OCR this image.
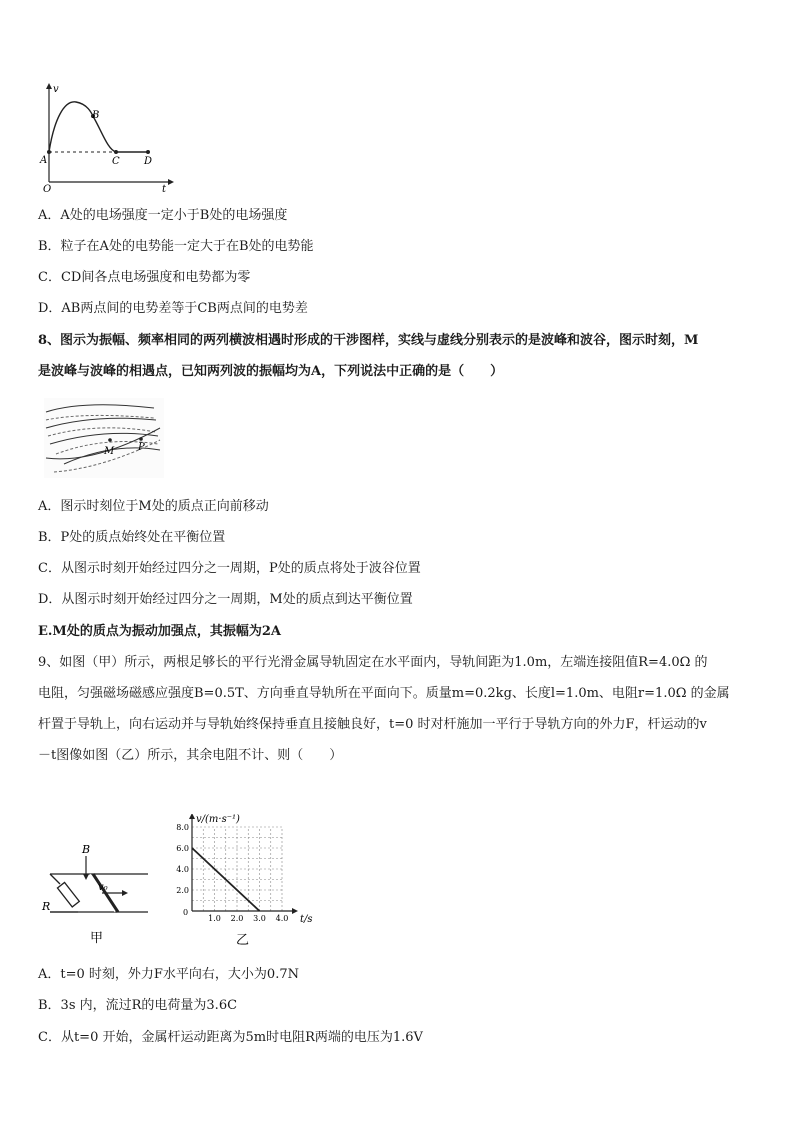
v
t
O
A
B
C D
A．A处的电场强度一定小于B处的电场强度
B．粒子在A处的电势能一定大于在B处的电势能
C．CD间各点电场强度和电势都为零
D．AB两点间的电势差等于CB两点间的电势差
8、图示为振幅、频率相同的两列横波相遇时形成的干涉图样，实线与虚线分别表示的是波峰和波谷，图示时刻，M
是波峰与波峰的相遇点，已知两列波的振幅均为A，下列说法中正确的是（　　）
M P
A．图示时刻位于M处的质点正向前移动
B．P处的质点始终处在平衡位置
C．从图示时刻开始经过四分之一周期，P处的质点将处于波谷位置
D．从图示时刻开始经过四分之一周期，M处的质点到达平衡位置
E.M处的质点为振动加强点，其振幅为2A
9、如图（甲）所示，两根足够长的平行光滑金属导轨固定在水平面内，导轨间距为1.0m，左端连接阻值R=4.0Ω 的
电阻，匀强磁场磁感应强度B=0.5T、方向垂直导轨所在平面向下。质量m=0.2kg、长度l=1.0m、电阻r=1.0Ω 的金属
杆置于导轨上，向右运动并与导轨始终保持垂直且接触良好，t=0 时对杆施加一平行于导轨方向的外力F，杆运动的v
－t图像如图（乙）所示，其余电阻不计、则（　　）
B
R
v₀
甲
v/(m·s⁻¹)
t/s
0
2.0
4.0
6.0
8.0
1.0 2.0 3.0 4.0
乙
A．t=0 时刻，外力F水平向右，大小为0.7N
B．3s 内，流过R的电荷量为3.6C
C．从t=0 开始，金属杆运动距离为5m时电阻R两端的电压为1.6V
